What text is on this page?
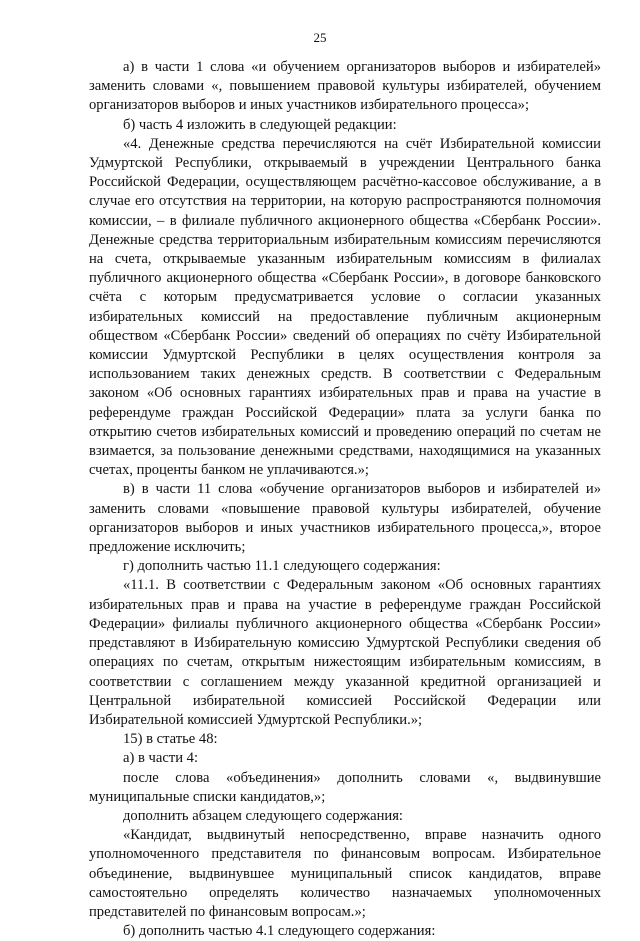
25

а) в части 1 слова «и обучением организаторов выборов и избирателей» заменить словами «, повышением правовой культуры избирателей, обучением организаторов выборов и иных участников избирательного процесса»;

б) часть 4 изложить в следующей редакции:

«4. Денежные средства перечисляются на счёт Избирательной комиссии Удмуртской Республики, открываемый в учреждении Центрального банка Российской Федерации, осуществляющем расчётно-кассовое обслуживание, а в случае его отсутствия на территории, на которую распространяются полномочия комиссии, – в филиале публичного акционерного общества «Сбербанк России». Денежные средства территориальным избирательным комиссиям перечисляются на счета, открываемые указанным избирательным комиссиям в филиалах публичного акционерного общества «Сбербанк России», в договоре банковского счёта с которым предусматривается условие о согласии указанных избирательных комиссий на предоставление публичным акционерным обществом «Сбербанк России» сведений об операциях по счёту Избирательной комиссии Удмуртской Республики в целях осуществления контроля за использованием таких денежных средств. В соответствии с Федеральным законом «Об основных гарантиях избирательных прав и права на участие в референдуме граждан Российской Федерации» плата за услуги банка по открытию счетов избирательных комиссий и проведению операций по счетам не взимается, за пользование денежными средствами, находящимися на указанных счетах, проценты банком не уплачиваются.»;

в) в части 11 слова «обучение организаторов выборов и избирателей и» заменить словами «повышение правовой культуры избирателей, обучение организаторов выборов и иных участников избирательного процесса,», второе предложение исключить;

г) дополнить частью 11.1 следующего содержания:

«11.1. В соответствии с Федеральным законом «Об основных гарантиях избирательных прав и права на участие в референдуме граждан Российской Федерации» филиалы публичного акционерного общества «Сбербанк России» представляют в Избирательную комиссию Удмуртской Республики сведения об операциях по счетам, открытым нижестоящим избирательным комиссиям, в соответствии с соглашением между указанной кредитной организацией и Центральной избирательной комиссией Российской Федерации или Избирательной комиссией Удмуртской Республики.»;

15) в статье 48:

а) в части 4:

после слова «объединения» дополнить словами «, выдвинувшие муниципальные списки кандидатов,»;

дополнить абзацем следующего содержания:

«Кандидат, выдвинутый непосредственно, вправе назначить одного уполномоченного представителя по финансовым вопросам. Избирательное объединение, выдвинувшее муниципальный список кандидатов, вправе самостоятельно определять количество назначаемых уполномоченных представителей по финансовым вопросам.»;

б) дополнить частью 4.1 следующего содержания:
